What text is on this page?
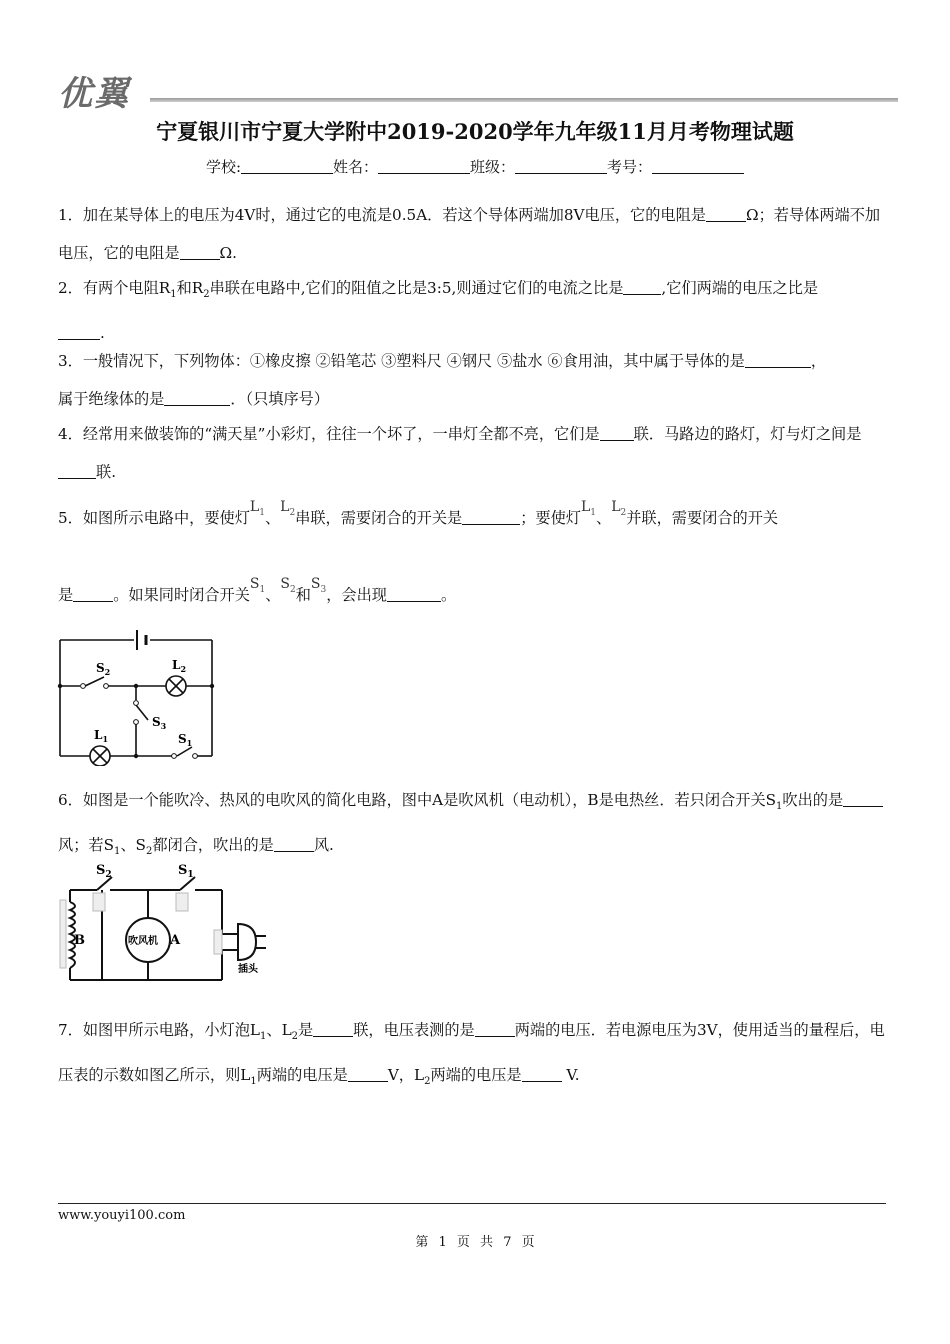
优翼
宁夏银川市宁夏大学附中2019-2020学年九年级11月月考物理试题
学校:	姓名：	班级：	考号：

1．加在某导体上的电压为4V时，通过它的电流是0.5A．若这个导体两端加8V电压，它的电阻是	Ω；若导体两端不加电压，它的电阻是	Ω.

2．有两个电阻$R_1$和$R_2$串联在电路中,它们的阻值之比是3:5,则通过它们的电流之比是	,它们两端的电压之比是
.

3．一般情况下，下列物体：①橡皮擦 ②铅笔芯 ③塑料尺 ④钢尺 ⑤盐水 ⑥食用油，其中属于导体的是	，
属于绝缘体的是	．（只填序号）

4．经常用来做装饰的“满天星”小彩灯，往往一个坏了，一串灯全都不亮，它们是 联．马路边的路灯，灯与灯之间是联.

5．如图所示电路中，要使灯$L_1$、$L_2$串联，需要闭合的开关是	；要使灯$L_1$、$L_2$并联，需要闭合的开关

是	。如果同时闭合开关$S_1$、$S_2$和$S_3$，会出现	。

$S_2$	$L_2$
$S_3$
$L_1$	$S_1$

6．如图是一个能吹冷、热风的电吹风的简化电路，图中A是吹风机（电动机），B是电热丝．若只闭合开关$S_1$吹出的是风；若$S_1$、$S_2$都闭合，吹出的是	风.

$S_2$	$S_1$
B	吹风机 A
插头

7．如图甲所示电路，小灯泡$L_1$、$L_2$是	联，电压表测的是	两端的电压．若电源电压为3V，使用适当的量程后，电压表的示数如图乙所示，则$L_1$两端的电压是	V，$L_2$两端的电压是	V.

www.youyi100.com
第 1 页 共 7 页
